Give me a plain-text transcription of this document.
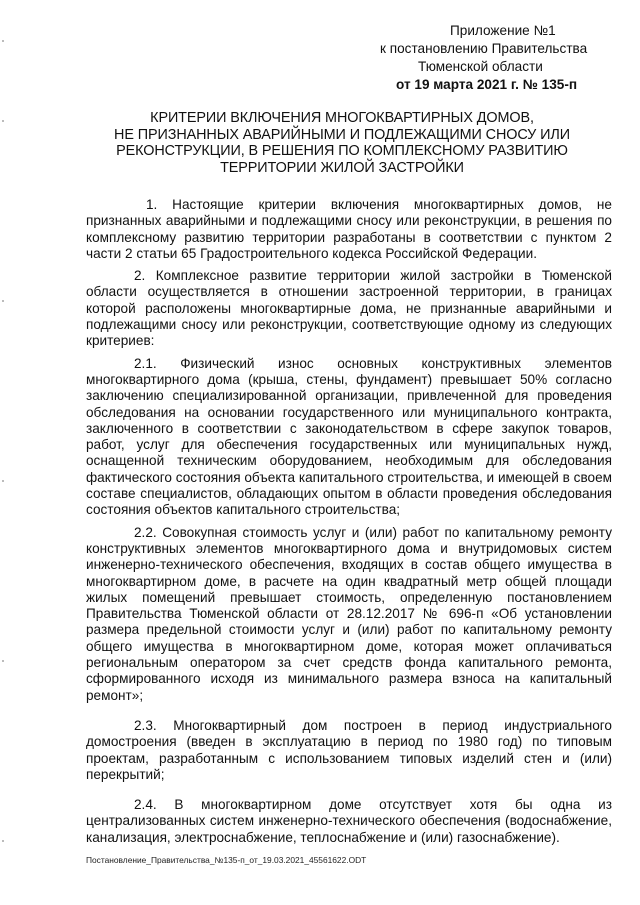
Приложение №1
к постановлению Правительства
Тюменской области
от 19 марта 2021 г. № 135-п
КРИТЕРИИ ВКЛЮЧЕНИЯ МНОГОКВАРТИРНЫХ ДОМОВ,
НЕ ПРИЗНАННЫХ АВАРИЙНЫМИ И ПОДЛЕЖАЩИМИ СНОСУ ИЛИ
РЕКОНСТРУКЦИИ, В РЕШЕНИЯ ПО КОМПЛЕКСНОМУ РАЗВИТИЮ
ТЕРРИТОРИИ ЖИЛОЙ ЗАСТРОЙКИ

1. Настоящие критерии включения многоквартирных домов, не признанных аварийными и подлежащими сносу или реконструкции, в решения по комплексному развитию территории разработаны в соответствии с пунктом 2 части 2 статьи 65 Градостроительного кодекса Российской Федерации.

2. Комплексное развитие территории жилой застройки в Тюменской области осуществляется в отношении застроенной территории, в границах которой расположены многоквартирные дома, не признанные аварийными и подлежащими сносу или реконструкции, соответствующие одному из следующих критериев:

2.1. Физический износ основных конструктивных элементов многоквартирного дома (крыша, стены, фундамент) превышает 50% согласно заключению специализированной организации, привлеченной для проведения обследования на основании государственного или муниципального контракта, заключенного в соответствии с законодательством в сфере закупок товаров, работ, услуг для обеспечения государственных или муниципальных нужд, оснащенной техническим оборудованием, необходимым для обследования фактического состояния объекта капитального строительства, и имеющей в своем составе специалистов, обладающих опытом в области проведения обследования состояния объектов капитального строительства;

2.2. Совокупная стоимость услуг и (или) работ по капитальному ремонту конструктивных элементов многоквартирного дома и внутридомовых систем инженерно-технического обеспечения, входящих в состав общего имущества в многоквартирном доме, в расчете на один квадратный метр общей площади жилых помещений превышает стоимость, определенную постановлением Правительства Тюменской области от 28.12.2017 № 696-п «Об установлении размера предельной стоимости услуг и (или) работ по капитальному ремонту общего имущества в многоквартирном доме, которая может оплачиваться региональным оператором за счет средств фонда капитального ремонта, сформированного исходя из минимального размера взноса на капитальный ремонт»;

2.3. Многоквартирный дом построен в период индустриального домостроения (введен в эксплуатацию в период по 1980 год) по типовым проектам, разработанным с использованием типовых изделий стен и (или) перекрытий;

2.4. В многоквартирном доме отсутствует хотя бы одна из централизованных систем инженерно-технического обеспечения (водоснабжение, канализация, электроснабжение, теплоснабжение и (или) газоснабжение).

Постановление_Правительства_№135-п_от_19.03.2021_45561622.ODT
